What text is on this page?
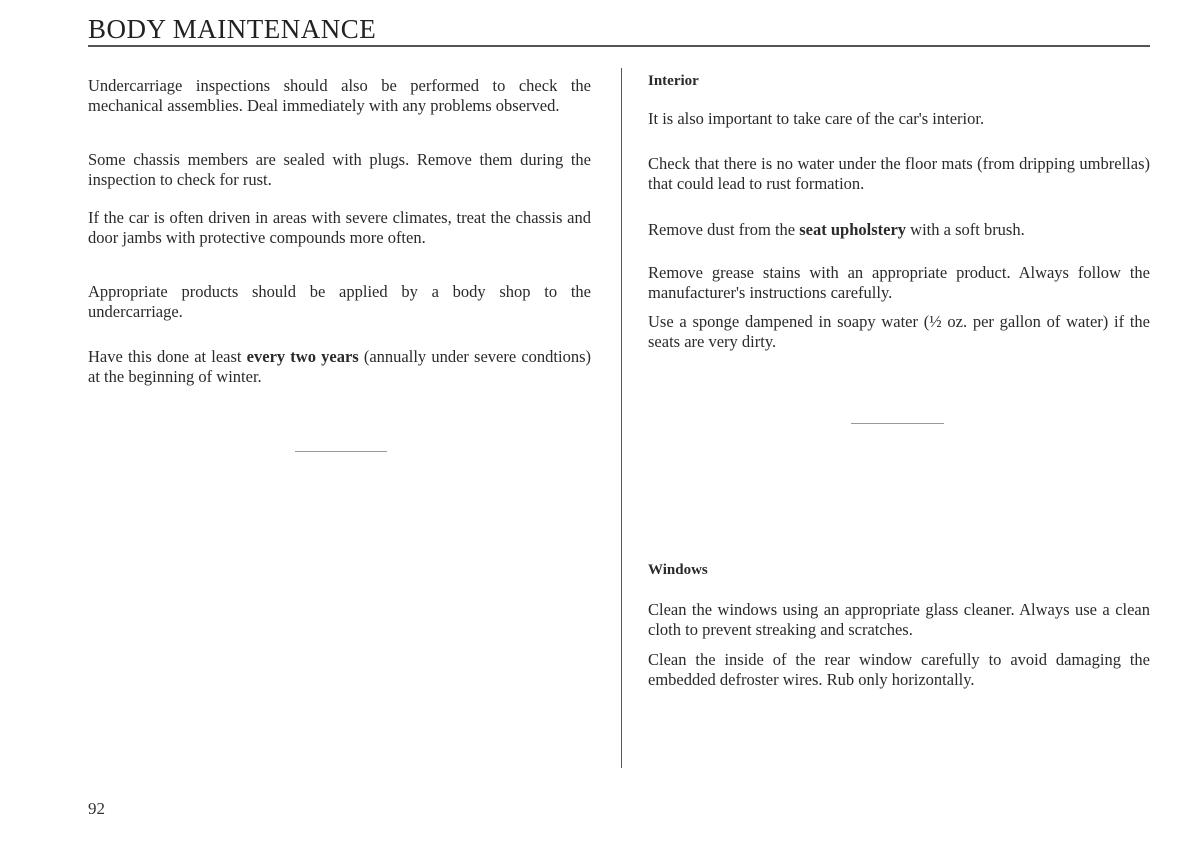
BODY MAINTENANCE

Undercarriage inspections should also be performed to check the mechanical assemblies. Deal immediately with any problems observed.

Some chassis members are sealed with plugs. Remove them during the inspection to check for rust.

If the car is often driven in areas with severe climates, treat the chassis and door jambs with protective compounds more often.

Appropriate products should be applied by a body shop to the undercarriage.

Have this done at least every two years (annually under severe condtions) at the beginning of winter.

Interior

It is also important to take care of the car's interior.

Check that there is no water under the floor mats (from dripping umbrellas) that could lead to rust formation.

Remove dust from the seat upholstery with a soft brush.

Remove grease stains with an appropriate product. Always follow the manufacturer's instructions carefully.

Use a sponge dampened in soapy water (½ oz. per gallon of water) if the seats are very dirty.

Windows

Clean the windows using an appropriate glass cleaner. Always use a clean cloth to prevent streaking and scratches.

Clean the inside of the rear window carefully to avoid damaging the embedded defroster wires. Rub only horizontally.

92
